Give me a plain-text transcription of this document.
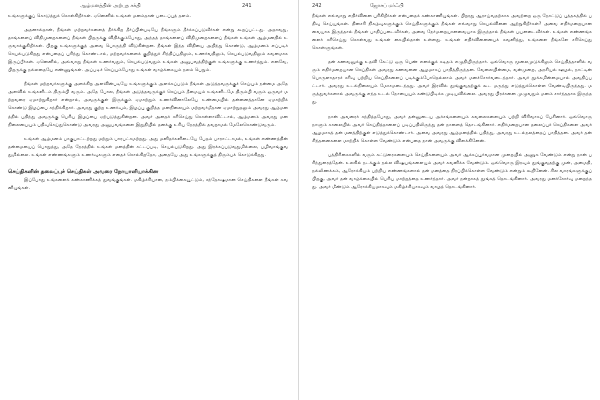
ஆழ்மனத்தின் அற்புத சக்தி	241

உங்களுக்குப் கொடுத்துக் கொள்கிறீர்கள். ஏனெனில் உங்கள் மனம்தான் படைப்புத் தளம்.

அதனால்தான், நீங்கள் மற்றவர்களைத் தீர்க்கிற தீர்ப்பின்படியே நீங்களும் தீர்க்கப்படுவீர்கள் என்று கூறப்பட்டது. அதாவது, தாங்களைப் விதிமுறைகளைப் நீங்கள் பிறருக்கு விதிக்கும்போது, அந்தத் தாங்களைப் விதிமுறைகளைப் நீங்கள் உங்கள் ஆழ்மனதில் உருவாக்குகிறீர்கள். பிறகு உங்களுக்குத் அவை பொருந்தி விடுகின்றன. நீங்கள் இந்த விதியை அறிந்து கொண்டு, ஆழ்மனம் எப்படிச் செயல்படுகிறது என்பதைப் புரிந்து கொண்டால், மற்றவர்களைக் குறித்துச் சிந்திப்பதிலும், உணர்வதிலும், செயல்படுவதிலும் கவனமாக இருப்பீர்கள். ஏனெனில், அவ்வாறு நீங்கள் உணர்வதும், செயல்படுவதும் உங்கள் அனுபவத்திற்குள் உங்களுக்கு உணர்த்தும். எனவே, பிறருக்கு நல்லதையே எண்ணுங்கள். அப்படிச் செய்யும்போது உங்கள் வாழ்க்கையும் நலம் பெறும்.

நீங்கள் மற்றவர்களுக்கு அளக்கிற அளவின்படியே உங்களுக்கும் அளக்கப்படும் நீங்கள் அடுத்தவருக்குச் செய்யும் நன்மை அதே அளவில் உங்களிடம் திரும்பி வரும். அதே போல, நீங்கள் அடுத்தவருக்குச் செய்யும் தீமையும் உங்களிடமே திரும்பி வரும் ஒருவர் மற்றவரை ஏமாற்றுகிறார் என்றால், அவருக்குள் இருக்கும் ஏமாற்றும் உணர்வினாலேயே உண்மையில் தன்னைத்தானே ஏமாற்றிக் கொண்டு இழப்பை சந்திக்கிறார். அவரது குற்ற உணர்வும், இழப்பு குறித்த மனநிலையும் மற்றவர்மீதான ஏமாற்றுதலும் அவரது ஆழ்மனத்தில் பதிந்து அவருக்கு பெரிய இழப்பை ஏற்படுத்துகின்றன. அவர் அதைச் சரிசெய்து கொள்ளாவிட்டால், ஆழ்மனம் அவரது மனநிலையையும் பதிவுசெய்துகொண்டு அவரது அனுபவங்களை இறுதியில் தனக்கு உரிய நேரத்தில் தவறாமல் மேலேகொண்டுவரும்.

உங்கள் ஆழ்மனம் பாகுபாட்டற்றது மற்றும் பாரபட்சமற்றது. அது மனிதர்களிடையே பேதம் பாராட்டாமல், உங்கள் எண்ணத்தின் தன்மையைப் பொறுத்து, அதே நேரத்தில் உங்கள் மனத்தின் சட்டப்படி, செயல்படுகிறது. அது இரக்கப்படுவதுமில்லை, பழிவாங்குவதுமில்லை. உங்கள் எண்ணங்களும் உணர்வுகளும் எதைச் சொல்கிறதோ, அதையே அது உங்களுக்குத் திரும்பக் கொடுக்கிறது.

செய்திகளின் தலைப்புச் செய்திகள் அவரை நோயாளியாக்கின

இப்போது உங்களைக் கண்காணிக்கத் துவங்குங்கள். மகிழ்ச்சியான, நம்பிக்கையூட்டும், சந்தோஷமான செய்திகளை நீங்கள் கவனியுங்கள்.

242	ஜோசப் மர்ஃபி

நீங்கள் எவ்வாறு எதிர்வினை புரிகிறீர்கள் என்பதைக் கண்காணியுங்கள். பிறரது ஆராய்வதற்காக அவற்றை ஒரு நோட்டுப் புத்தகத்தில் பதிவு செய்யுங்கள். தினசரி நிகழ்வுகளுக்கும் செய்திகளுக்கும் நீங்கள் எவ்வாறு செயல்வினை ஆற்றுகிறீர்கள்? அவை எதிர்மறையானவையாக இருந்தால் நீங்கள் பாதிப்படைவீர்கள், அவை நேர்மறையானவையாக இருந்தால் நீங்கள் பயனடைவீர்கள். உங்கள் எண்ணங்களைச் சரிசெய்து கொள்வது உங்கள் கையில்தான் உள்ளது. உங்கள் எதிர்வினையைக் கவனித்து, உங்களை நீங்களே சரிசெய்து கொள்ளுங்கள்.

தன் கணவனுக்கு உதவி கேட்டு ஒரு பெண் எனக்குக் கடிதம் எழுதியிருந்தார். ஒவ்வொரு மூலைமுடுக்கிலும் செய்தித்தாளில் வரும் எதிர்மறையான செய்திகள் அவரது கணவனை ஆழமாகப் பாதித்திருந்தன. வேலையின்மை, வன்முறை, அரசியல் ஊழல், நாட்டின் பொருளாதாரச் சரிவு பற்றிய செய்திகளைப் படிக்கும்போதெல்லாம் அவர் மனச்சோர்வடைந்தார். அவர் தூக்கமின்மையால் அவதிப்பட்டார். அவரது உடல்நிலையும் மோசமடைந்தது. அவர் இரவில் தூங்குவதற்குக் கூட மருந்து எடுத்துக்கொள்ள வேண்டியிருந்தது. மருத்துவர்களால் அவருக்கு எந்த உடல் நோயையும் கண்டுபிடிக்க முடியவில்லை. அவரது பிரச்சனை முழுவதும் மனம் சார்ந்ததாக இருந்தது.

நான் அவரைச் சந்தித்தபோது, அவர் தன்னுடைய அச்சங்களையும் கவலைகளையும் பற்றி விரிவாகப் பேசினார். ஒவ்வொரு நாளும் காலையில் அவர் செய்தித்தாளைப் படிப்பதிலிருந்து தன் நாளைத் தொடங்கினார். எதிர்மறையான தலைப்புச் செய்திகளை அவர் ஆழமாகத் தன் மனத்திற்குள் எடுத்துக்கொண்டார். அவை அவரது ஆழ்மனத்தில் பதிந்து, அவரது உடல்நலத்தைப் பாதித்தன. அவர் தன் சிந்தனைகளை மாற்றிக் கொள்ள வேண்டும் என்பதை நான் அவருக்கு விளக்கினேன்.

பத்திரிகைகளில் வரும் கட்டுரைகளையும் செய்திகளையும் அவர் ஆக்கப்பூர்வமான முறையில் அணுக வேண்டும் என்று நான் பரிந்துரைத்தேன். உலகில் நடக்கும் நல்ல விஷயங்களையும் அவர் கவனிக்க வேண்டும். ஒவ்வொரு இரவும் தூங்குவதற்கு முன், அமைதி, நல்லிணக்கம், ஆரோக்கியம் பற்றிய எண்ணங்களால் தன் மனத்தை நிரப்பிக்கொள்ள வேண்டும் என்றும் கூறினேன். சில வாரங்களுக்குப் பிறகு, அவர் தன் வாழ்க்கையில் பெரிய மாற்றத்தை உணர்ந்தார். அவர் நன்றாகத் தூங்கத் தொடங்கினார். அவரது மனச்சோர்வு மறைந்தது. அவர் மீண்டும் ஆரோக்கியமாகவும் மகிழ்ச்சியாகவும் வாழத் தொடங்கினார்.
